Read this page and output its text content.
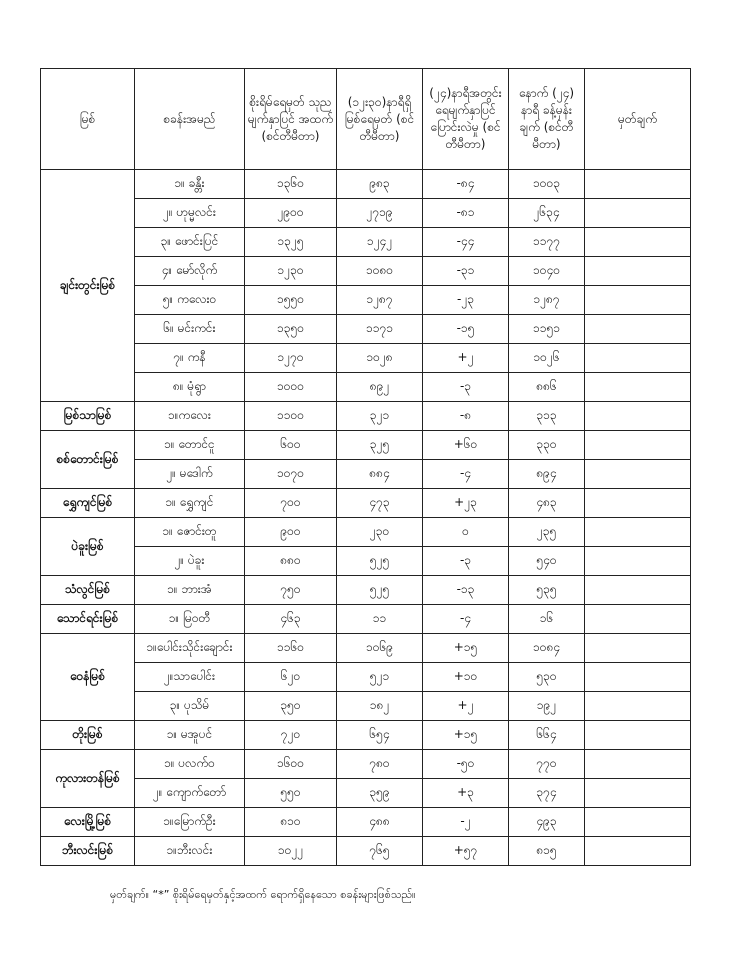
မြစ်	စခန်းအမည်	စိုးရိမ်ရေမှတ် သုညမျက်နှာပြင် အထက် (စင်တီမီတာ)	(၁၂း၃၀)နာရီရှိ မြစ်ရေမှတ် (စင်တီမီတာ)	(၂၄)နာရီအတွင်း ရေမျက်နှာပြင် ပြောင်းလဲမှု (စင်တီမီတာ)	နောက် (၂၄) နာရီ ခန့်မှန်းချက် (စင်တီမီတာ)	မှတ်ချက်
ချင်းတွင်းမြစ်	၁။ ခန္တီး	၁၃၆၀	၉၈၃	-၈၄	၁၀၀၃	
	၂။ ဟုမ္မလင်း	၂၉၀၀	၂၇၁၉	-၈၁	၂၆၃၄	
	၃။ ဖောင်းပြင်	၁၃၂၅	၁၂၄၂	-၄၄	၁၁၇၇	
	၄။ မော်လိုက်	၁၂၃၀	၁၀၈၀	-၃၁	၁၀၄၀	
	၅။ ကလေးဝ	၁၅၅၀	၁၂၈၇	-၂၃	၁၂၈၇	
	၆။ မင်းကင်း	၁၃၅၀	၁၁၇၁	-၁၅	၁၁၅၁	
	၇။ ကနီ	၁၂၇၀	၁၀၂၈	+၂	၁၀၂၆	
	၈။ မုံရွာ	၁၀၀၀	၈၉၂	-၃	၈၈၆	
မြစ်သာမြစ်	၁။ကလေး	၁၁၀၀	၃၂၁	-၈	၃၁၃	
စစ်တောင်းမြစ်	၁။ တောင်ငူ	၆၀၀	၃၂၅	+၆၀	၃၃၀	
	၂။ မဒေါက်	၁၀၇၀	၈၈၄	-၄	၈၉၄	
ရွှေကျင်မြစ်	၁။ ရွှေကျင်	၇၀၀	၄၇၃	+၂၃	၄၈၃	
ပဲခူးမြစ်	၁။ ဇောင်းတူ	၉၀၀	၂၃၀	၀	၂၃၅	
	၂။ ပဲခူး	၈၈၀	၅၂၅	-၃	၅၄၀	
သံလွင်မြစ်	၁။ ဘားအံ	၇၅၀	၅၂၅	-၁၃	၅၃၅	
သောင်ရင်းမြစ်	၁။ မြဝတီ	၄၆၃	၁၁	-၄	၁၆	
ဝေနံမြစ်	၁။ပေါင်းသိုင်းချောင်း	၁၁၆၀	၁၀၆၉	+၁၅	၁၀၈၄	
	၂။သာပေါင်း	၆၂၀	၅၂၁	+၁၀	၅၃၀	
	၃။ ပုသိမ်	၃၅၀	၁၈၂	+၂	၁၉၂	
တိုးမြစ်	၁။ မအူပင်	၇၂၀	၆၅၄	+၁၅	၆၆၄	
ကုလားတန်မြစ်	၁။ ပလက်ဝ	၁၆၀၀	၇၈၀	-၅၀	၇၇၀	
	၂။ ကျောက်တော်	၅၅၀	၃၅၉	+၃	၃၇၄	
လေးမြို့မြစ်	၁။မြောက်ဦး	၈၁၀	၄၈၈	-၂	၄၉၃	
ဘီးလင်းမြစ်	၁။ဘီးလင်း	၁၀၂၂	၇၆၅	+၅၇	၈၁၅	
မှတ်ချက်။ “*” စိုးရိမ်ရေမှတ်နှင့်အထက် ရောက်ရှိနေသော စခန်းများဖြစ်သည်။
